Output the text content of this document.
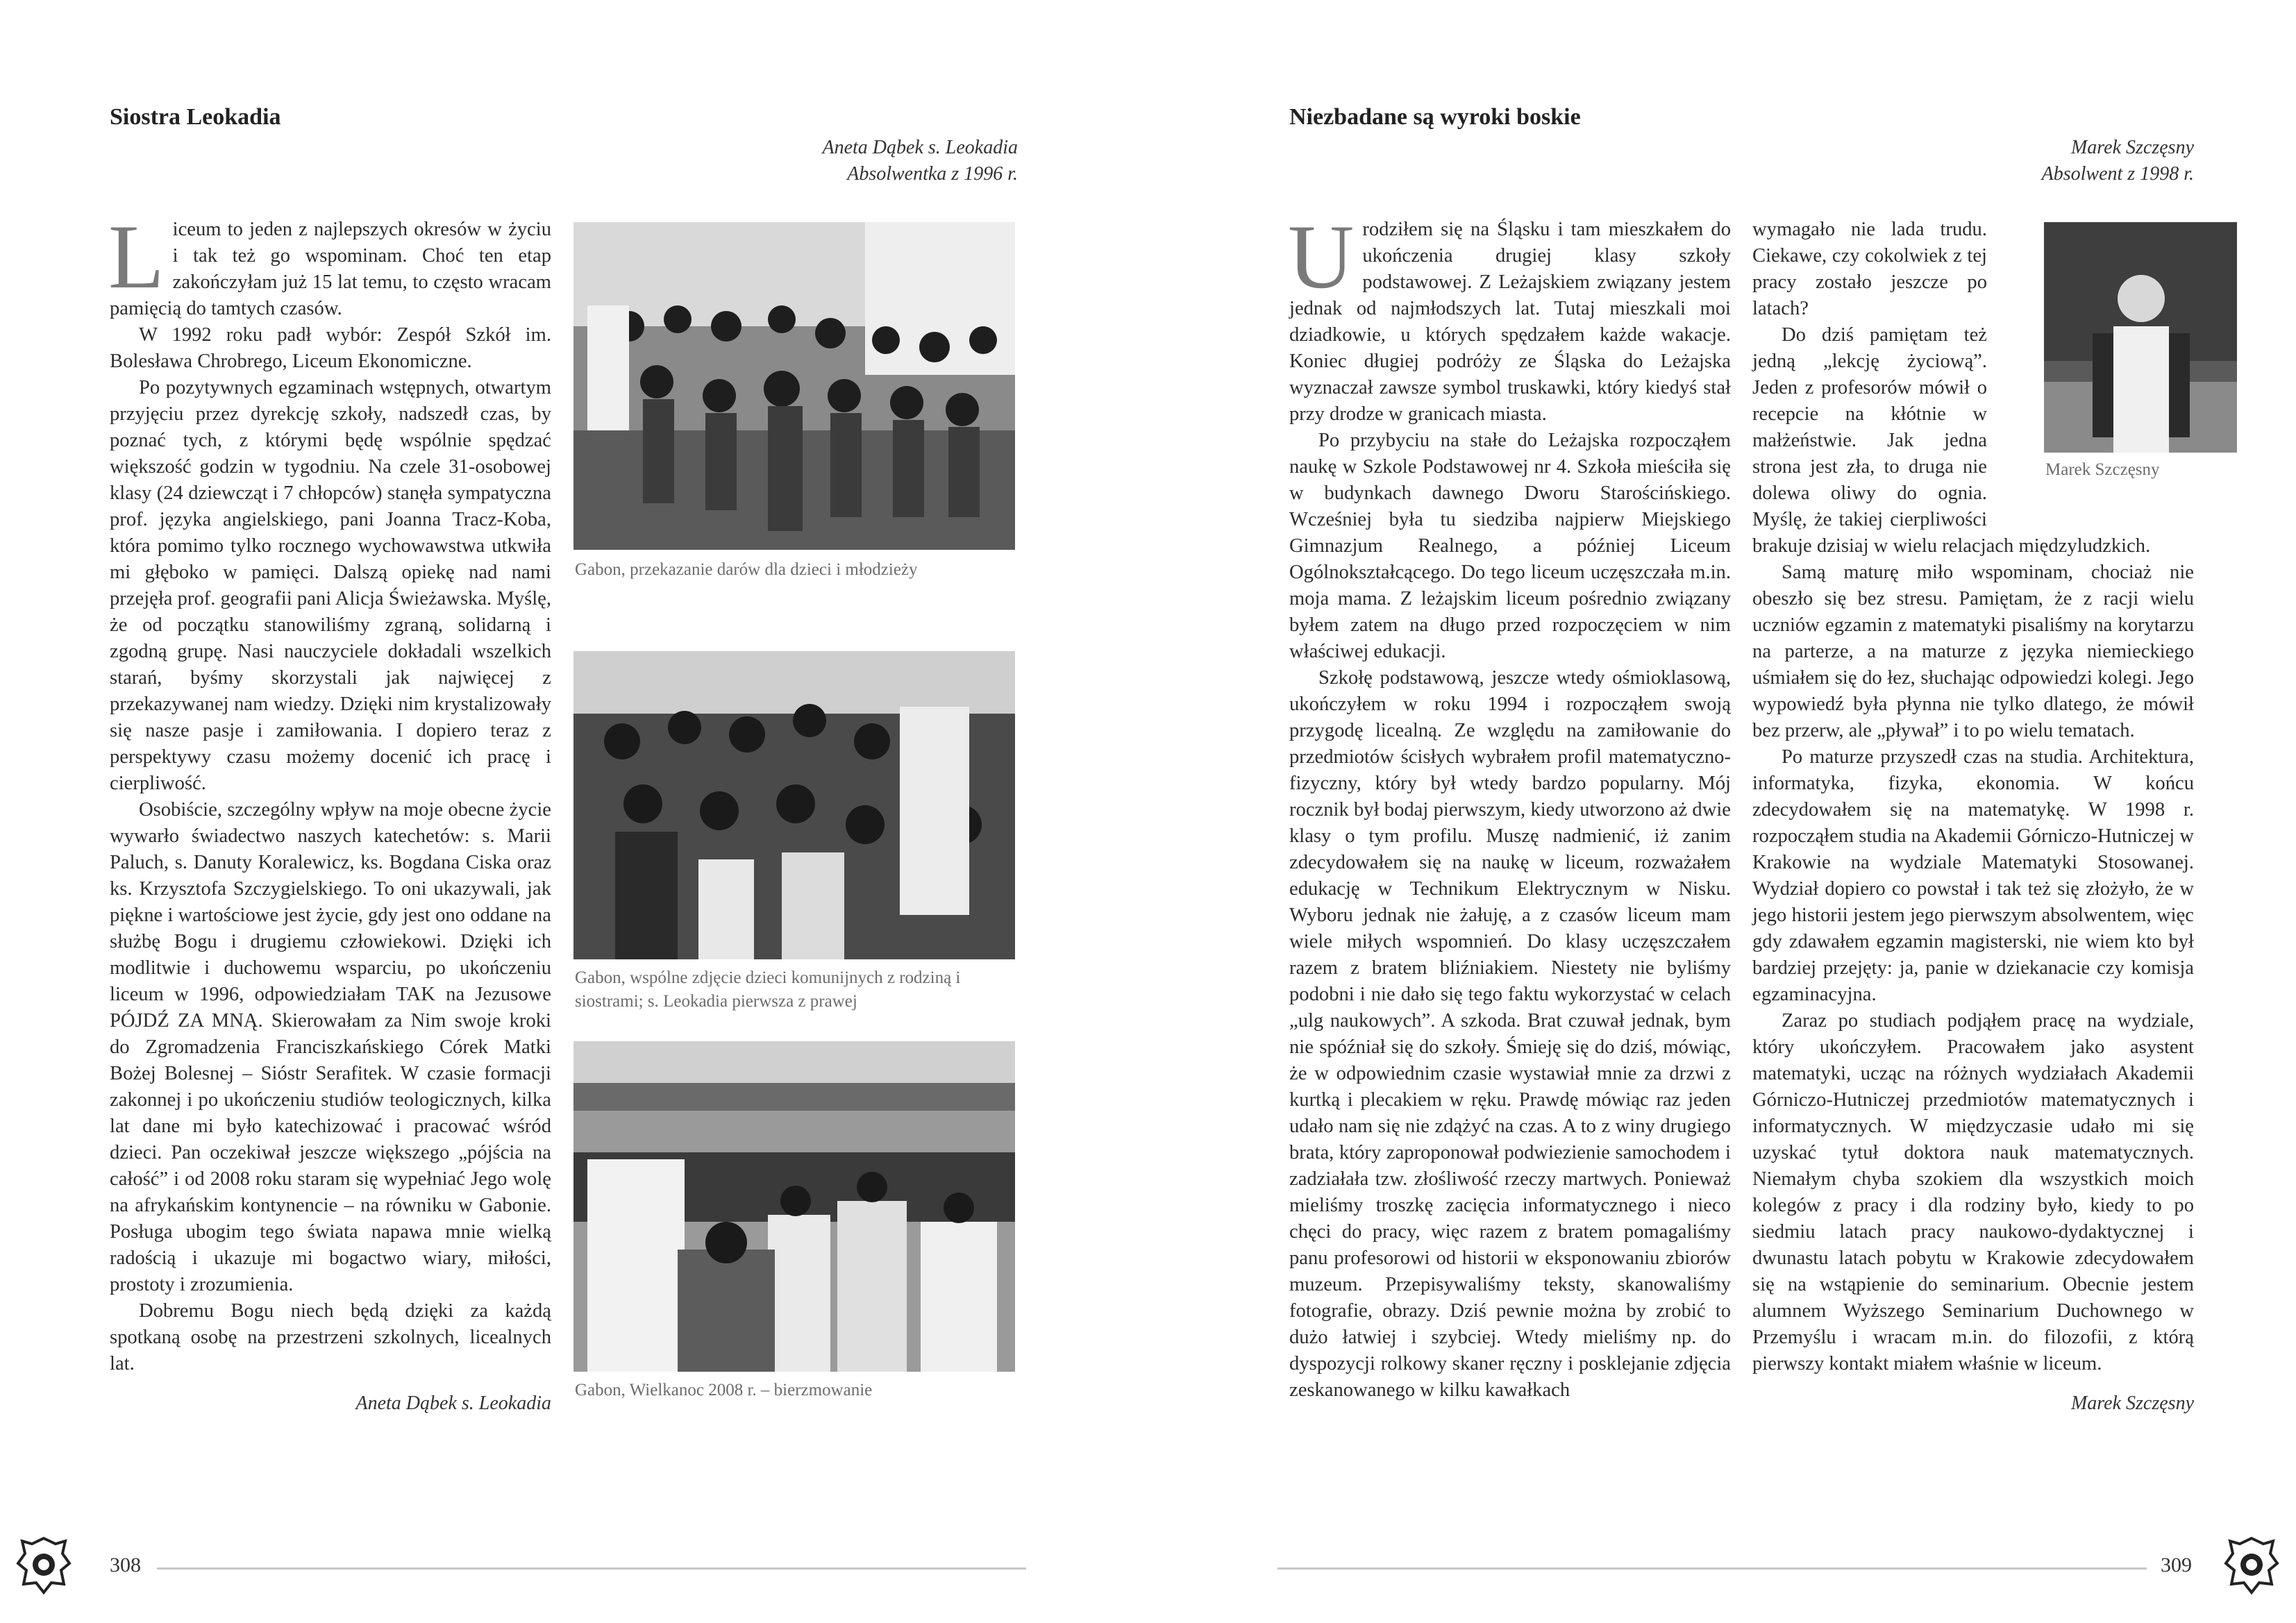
Siostra Leokadia
Aneta Dąbek s. Leokadia
Absolwentka z 1996 r.

Liceum to jeden z najlepszych okresów w życiu i tak też go wspominam. Choć ten etap zakończyłam już 15 lat temu, to często wracam pamięcią do tamtych czasów.

W 1992 roku padł wybór: Zespół Szkół im. Bolesława Chrobrego, Liceum Ekonomiczne.

Po pozytywnych egzaminach wstępnych, otwartym przyjęciu przez dyrekcję szkoły, nadszedł czas, by poznać tych, z którymi będę wspólnie spędzać większość godzin w tygodniu. Na czele 31-osobowej klasy (24 dziewcząt i 7 chłopców) stanęła sympatyczna prof. języka angielskiego, pani Joanna Tracz-Koba, która pomimo tylko rocznego wychowawstwa utkwiła mi głęboko w pamięci. Dalszą opiekę nad nami przejęła prof. geografii pani Alicja Świeżawska. Myślę, że od początku stanowiliśmy zgraną, solidarną i zgodną grupę. Nasi nauczyciele dokładali wszelkich starań, byśmy skorzystali jak najwięcej z przekazywanej nam wiedzy. Dzięki nim krystalizowały się nasze pasje i zamiłowania. I dopiero teraz z perspektywy czasu możemy docenić ich pracę i cierpliwość.

Osobiście, szczególny wpływ na moje obecne życie wywarło świadectwo naszych katechetów: s. Marii Paluch, s. Danuty Koralewicz, ks. Bogdana Ciska oraz ks. Krzysztofa Szczygielskiego. To oni ukazywali, jak piękne i wartościowe jest życie, gdy jest ono oddane na służbę Bogu i drugiemu człowiekowi. Dzięki ich modlitwie i duchowemu wsparciu, po ukończeniu liceum w 1996, odpowiedziałam TAK na Jezusowe PÓJDŹ ZA MNĄ. Skierowałam za Nim swoje kroki do Zgromadzenia Franciszkańskiego Córek Matki Bożej Bolesnej – Sióstr Serafitek. W czasie formacji zakonnej i po ukończeniu studiów teologicznych, kilka lat dane mi było katechizować i pracować wśród dzieci. Pan oczekiwał jeszcze większego „pójścia na całość” i od 2008 roku staram się wypełniać Jego wolę na afrykańskim kontynencie – na równiku w Gabonie. Posługa ubogim tego świata napawa mnie wielką radością i ukazuje mi bogactwo wiary, miłości, prostoty i zrozumienia.

Dobremu Bogu niech będą dzięki za każdą spotkaną osobę na przestrzeni szkolnych, licealnych lat.

Aneta Dąbek s. Leokadia
Gabon, przekazanie darów dla dzieci i młodzieży
Gabon, wspólne zdjęcie dzieci komunijnych z rodziną i siostrami; s. Leokadia pierwsza z prawej
Gabon, Wielkanoc 2008 r. – bierzmowanie
308
Niezbadane są wyroki boskie
Marek Szczęsny
Absolwent z 1998 r.

Urodziłem się na Śląsku i tam mieszkałem do ukończenia drugiej klasy szkoły podstawowej. Z Leżajskiem związany jestem jednak od najmłodszych lat. Tutaj mieszkali moi dziadkowie, u których spędzałem każde wakacje. Koniec długiej podróży ze Śląska do Leżajska wyznaczał zawsze symbol truskawki, który kiedyś stał przy drodze w granicach miasta.

Po przybyciu na stałe do Leżajska rozpocząłem naukę w Szkole Podstawowej nr 4. Szkoła mieściła się w budynkach dawnego Dworu Starościńskiego. Wcześniej była tu siedziba najpierw Miejskiego Gimnazjum Realnego, a później Liceum Ogólnokształcącego. Do tego liceum uczęszczała m.in. moja mama. Z leżajskim liceum pośrednio związany byłem zatem na długo przed rozpoczęciem w nim właściwej edukacji.

Szkołę podstawową, jeszcze wtedy ośmioklasową, ukończyłem w roku 1994 i rozpocząłem swoją przygodę licealną. Ze względu na zamiłowanie do przedmiotów ścisłych wybrałem profil matematyczno-fizyczny, który był wtedy bardzo popularny. Mój rocznik był bodaj pierwszym, kiedy utworzono aż dwie klasy o tym profilu. Muszę nadmienić, iż zanim zdecydowałem się na naukę w liceum, rozważałem edukację w Technikum Elektrycznym w Nisku. Wyboru jednak nie żałuję, a z czasów liceum mam wiele miłych wspomnień. Do klasy uczęszczałem razem z bratem bliźniakiem. Niestety nie byliśmy podobni i nie dało się tego faktu wykorzystać w celach „ulg naukowych”. A szkoda. Brat czuwał jednak, bym nie spóźniał się do szkoły. Śmieję się do dziś, mówiąc, że w odpowiednim czasie wystawiał mnie za drzwi z kurtką i plecakiem w ręku. Prawdę mówiąc raz jeden udało nam się nie zdążyć na czas. A to z winy drugiego brata, który zaproponował podwiezienie samochodem i zadziałała tzw. złośliwość rzeczy martwych. Ponieważ mieliśmy troszkę zacięcia informatycznego i nieco chęci do pracy, więc razem z bratem pomagaliśmy panu profesorowi od historii w eksponowaniu zbiorów muzeum. Przepisywaliśmy teksty, skanowaliśmy fotografie, obrazy. Dziś pewnie można by zrobić to dużo łatwiej i szybciej. Wtedy mieliśmy np. do dyspozycji rolkowy skaner ręczny i posklejanie zdjęcia zeskanowanego w kilku kawałkach

Marek Szczęsny

wymagało nie lada trudu. Ciekawe, czy cokolwiek z tej pracy zostało jeszcze po latach?

Do dziś pamiętam też jedną „lekcję życiową”. Jeden z profesorów mówił o recepcie na kłótnie w małżeństwie. Jak jedna strona jest zła, to druga nie dolewa oliwy do ognia. Myślę, że takiej cierpliwości brakuje dzisiaj w wielu relacjach międzyludzkich.

Samą maturę miło wspominam, chociaż nie obeszło się bez stresu. Pamiętam, że z racji wielu uczniów egzamin z matematyki pisaliśmy na korytarzu na parterze, a na maturze z języka niemieckiego uśmiałem się do łez, słuchając odpowiedzi kolegi. Jego wypowiedź była płynna nie tylko dlatego, że mówił bez przerw, ale „pływał” i to po wielu tematach.

Po maturze przyszedł czas na studia. Architektura, informatyka, fizyka, ekonomia. W końcu zdecydowałem się na matematykę. W 1998 r. rozpocząłem studia na Akademii Górniczo-Hutniczej w Krakowie na wydziale Matematyki Stosowanej. Wydział dopiero co powstał i tak też się złożyło, że w jego historii jestem jego pierwszym absolwentem, więc gdy zdawałem egzamin magisterski, nie wiem kto był bardziej przejęty: ja, panie w dziekanacie czy komisja egzaminacyjna.

Zaraz po studiach podjąłem pracę na wydziale, który ukończyłem. Pracowałem jako asystent matematyki, ucząc na różnych wydziałach Akademii Górniczo-Hutniczej przedmiotów matematycznych i informatycznych. W międzyczasie udało mi się uzyskać tytuł doktora nauk matematycznych. Niemałym chyba szokiem dla wszystkich moich kolegów z pracy i dla rodziny było, kiedy to po siedmiu latach pracy naukowo-dydaktycznej i dwunastu latach pobytu w Krakowie zdecydowałem się na wstąpienie do seminarium. Obecnie jestem alumnem Wyższego Seminarium Duchownego w Przemyślu i wracam m.in. do filozofii, z którą pierwszy kontakt miałem właśnie w liceum.

Marek Szczęsny
309
